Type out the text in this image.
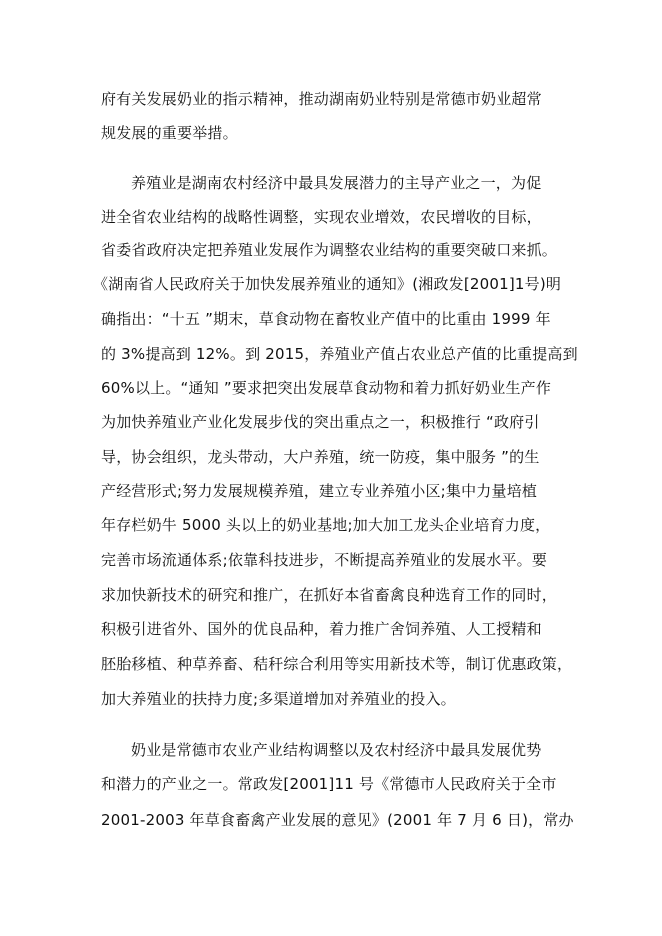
府有关发展奶业的指示精神，推动湖南奶业特别是常德市奶业超常
规发展的重要举措。
养殖业是湖南农村经济中最具发展潜力的主导产业之一，为促
进全省农业结构的战略性调整，实现农业增效，农民增收的目标，
省委省政府决定把养殖业发展作为调整农业结构的重要突破口来抓。
《湖南省人民政府关于加快发展养殖业的通知》(湘政发[2001]1号)明
确指出：“十五 ”期末，草食动物在畜牧业产值中的比重由 1999 年
的 3%提高到 12%。到 2015，养殖业产值占农业总产值的比重提高到
60%以上。“通知 ”要求把突出发展草食动物和着力抓好奶业生产作
为加快养殖业产业化发展步伐的突出重点之一，积极推行 “政府引
导，协会组织，龙头带动，大户养殖，统一防疫，集中服务 ”的生
产经营形式;努力发展规模养殖，建立专业养殖小区;集中力量培植
年存栏奶牛 5000 头以上的奶业基地;加大加工龙头企业培育力度，
完善市场流通体系;依靠科技进步，不断提高养殖业的发展水平。要
求加快新技术的研究和推广，在抓好本省畜禽良种选育工作的同时，
积极引进省外、国外的优良品种，着力推广舍饲养殖、人工授精和
胚胎移植、种草养畜、秸秆综合利用等实用新技术等，制订优惠政策，
加大养殖业的扶持力度;多渠道增加对养殖业的投入。
奶业是常德市农业产业结构调整以及农村经济中最具发展优势
和潜力的产业之一。常政发[2001]11 号《常德市人民政府关于全市
2001-2003 年草食畜禽产业发展的意见》(2001 年 7 月 6 日)，常办
